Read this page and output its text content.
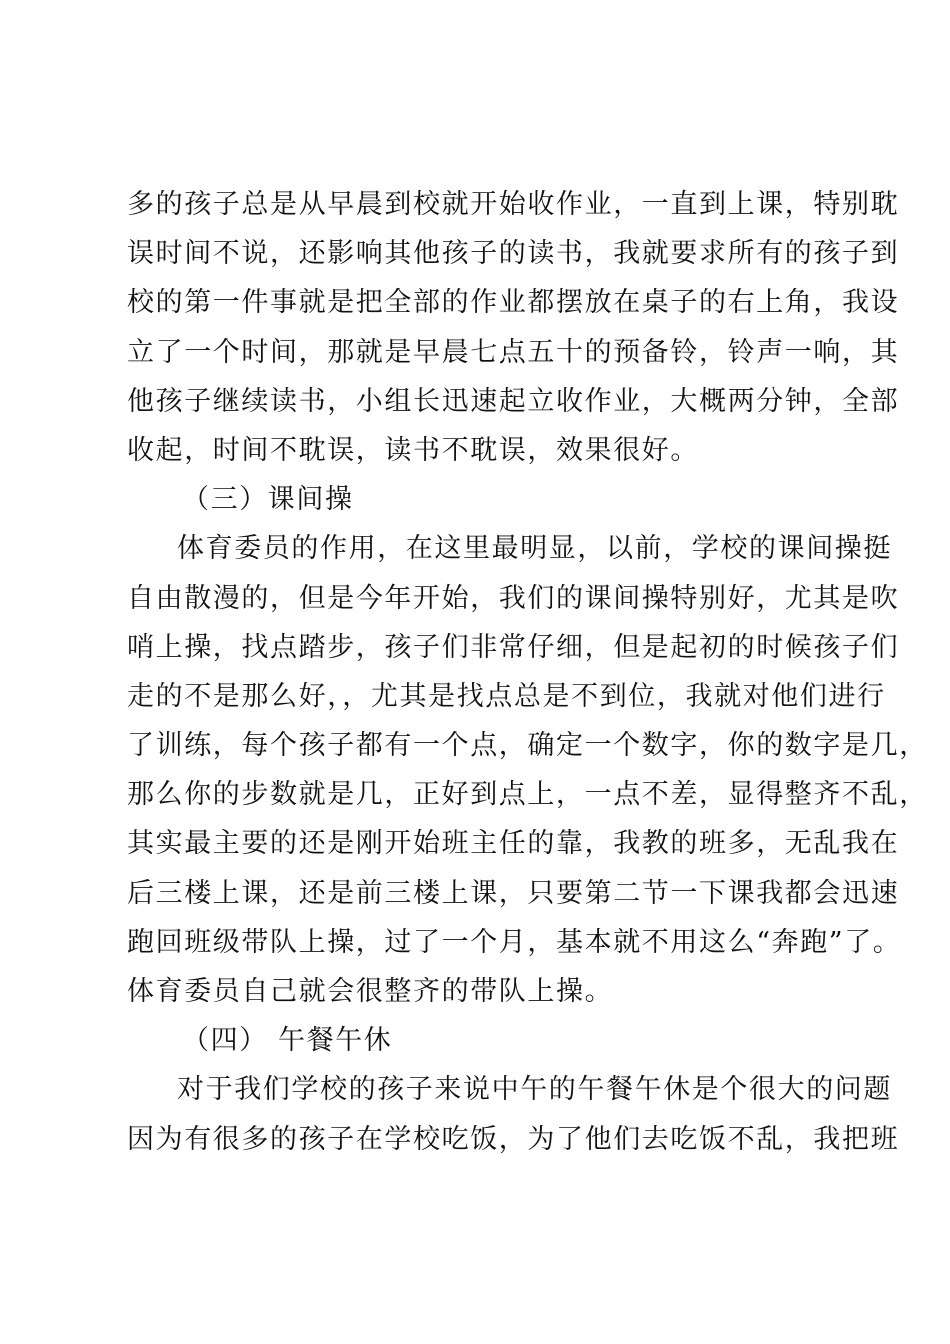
多的孩子总是从早晨到校就开始收作业，一直到上课，特别耽
误时间不说，还影响其他孩子的读书，我就要求所有的孩子到
校的第一件事就是把全部的作业都摆放在桌子的右上角，我设
立了一个时间，那就是早晨七点五十的预备铃，铃声一响，其
他孩子继续读书，小组长迅速起立收作业，大概两分钟，全部
收起，时间不耽误，读书不耽误，效果很好。
（三）课间操
体育委员的作用，在这里最明显，以前，学校的课间操挺
自由散漫的，但是今年开始，我们的课间操特别好，尤其是吹
哨上操，找点踏步，孩子们非常仔细，但是起初的时候孩子们
走的不是那么好，，尤其是找点总是不到位，我就对他们进行
了训练，每个孩子都有一个点，确定一个数字，你的数字是几，
那么你的步数就是几，正好到点上，一点不差，显得整齐不乱，
其实最主要的还是刚开始班主任的靠，我教的班多，无乱我在
后三楼上课，还是前三楼上课，只要第二节一下课我都会迅速
跑回班级带队上操，过了一个月，基本就不用这么“奔跑”了。
体育委员自己就会很整齐的带队上操。
（四） 午餐午休
对于我们学校的孩子来说中午的午餐午休是个很大的问题
因为有很多的孩子在学校吃饭，为了他们去吃饭不乱，我把班
